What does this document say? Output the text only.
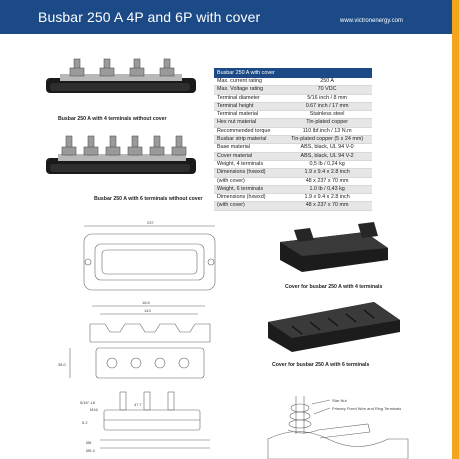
Busbar 250 A 4P and 6P with cover	www.victronenergy.com
Busbar 250 A with 4 terminals without cover
Busbar 250 A with 6 terminals without cover
Busbar 250 A with cover	
Max. current rating	250 A
Max. Voltage rating	70 VDC
Terminal diameter	5/16 inch / 8 mm
Terminal height	0.67 inch / 17 mm
Terminal material	Stainless steel
Hex nut material	Tin-plated copper
Recommended torque	110 lbf.inch / 13 N.m
Busbar strip material	Tin-plated copper (5 x 24 mm)
Base material	ABS, black, UL 94 V-0
Cover material	ABS, black, UL 94 V-2
Weight, 4 terminals	0,5 lb / 0,24 kg
Dimensions (hxwxd)	1.9 x 9.4 x 2.8 inch
(with cover)	48 x 237 x 70 mm
Weight, 6 terminals	1.0 lb / 0,43 kg
Dimensions (hxwxd)	1.9 x 9.4 x 2.8 inch
(with cover)	48 x 237 x 70 mm
237
18.6
143
38.0
5/16"-18
M16
47.7
5.2
Ø8
Ø5.4
Cover for busbar 250 A with 4 terminals
Cover for busbar 250 A with 6 terminals
Star Nut
Primary Fixed Wire and Ring Terminals
